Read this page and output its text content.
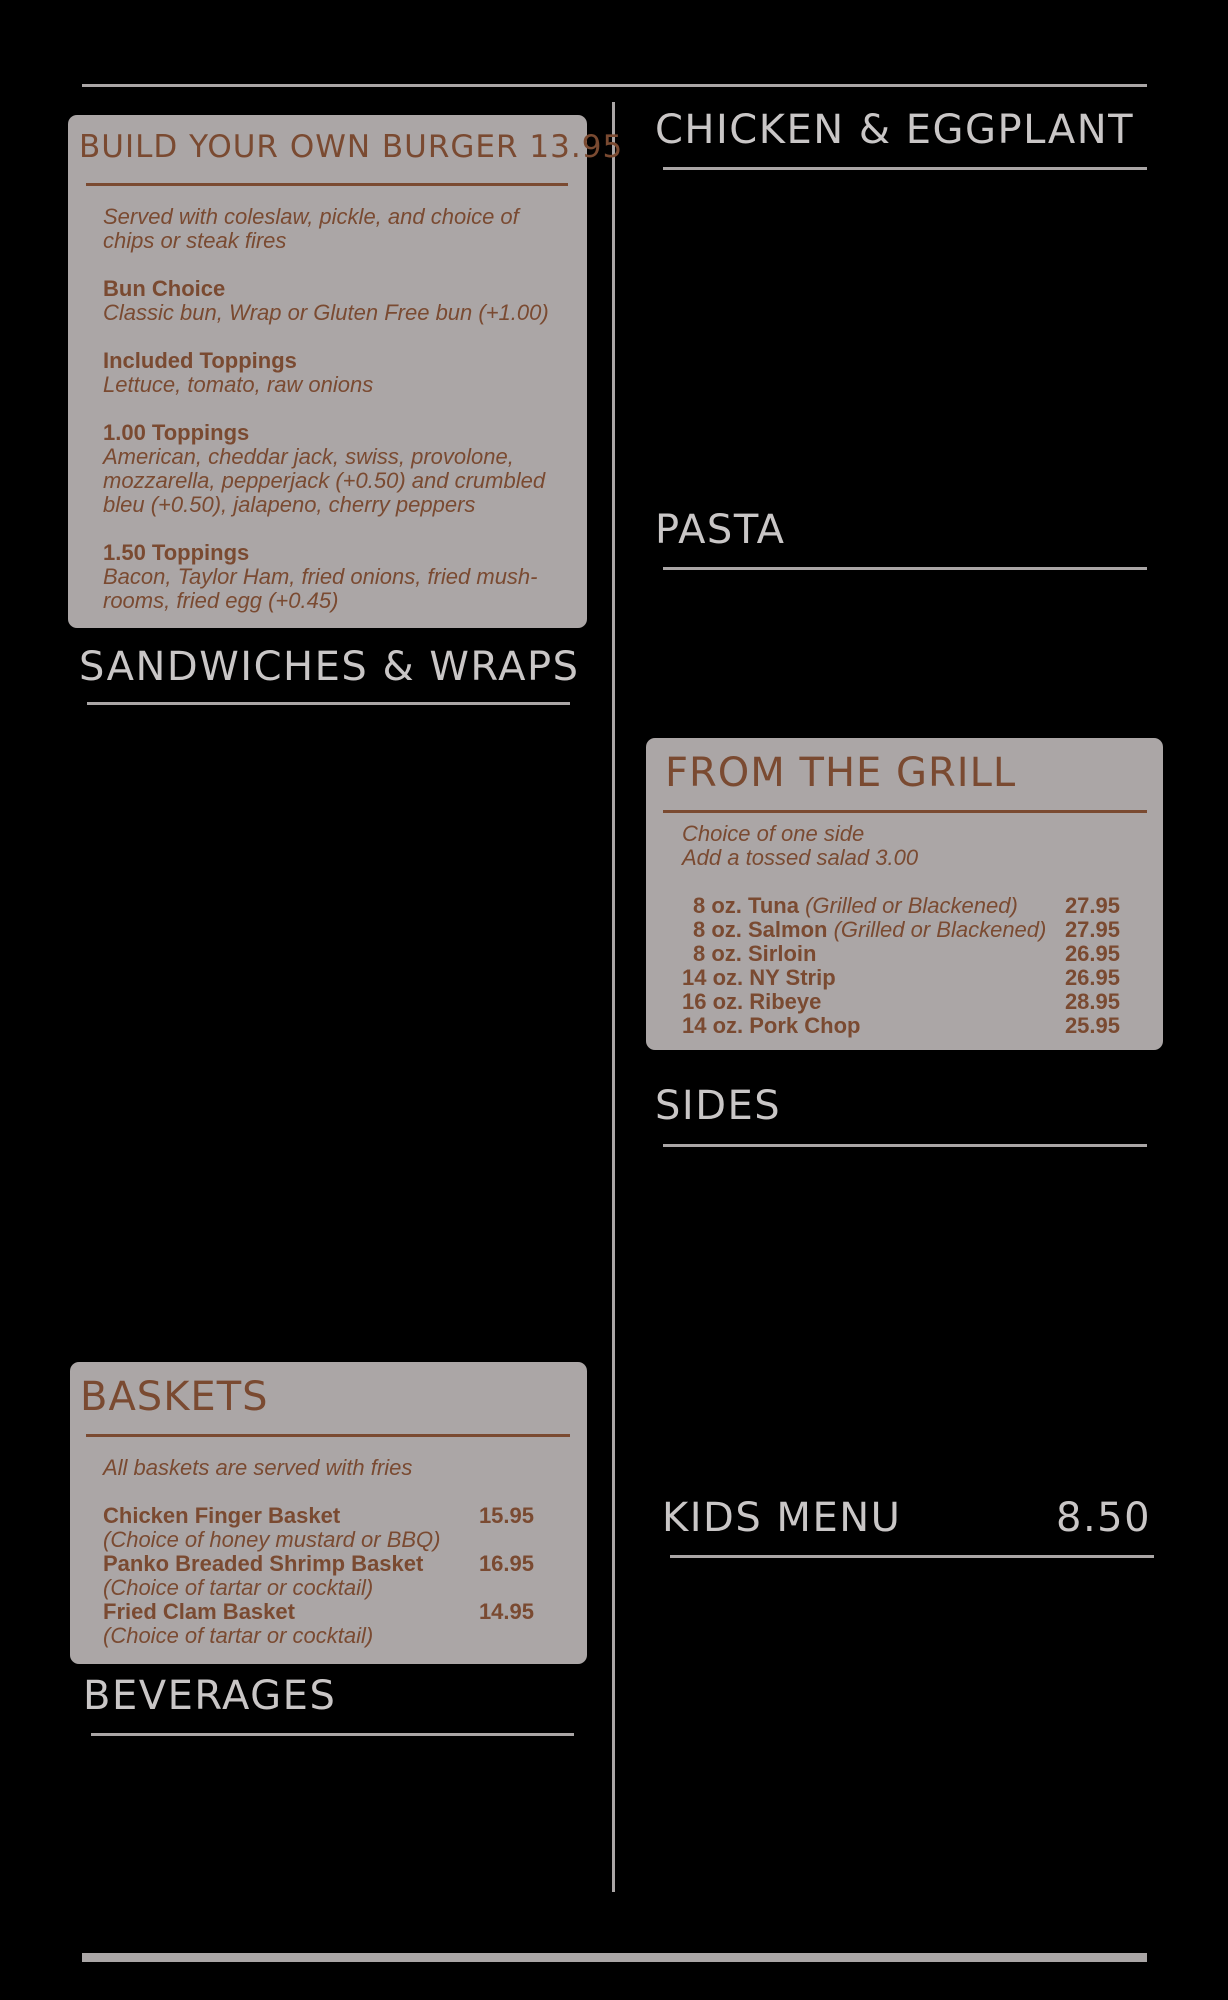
BUILD YOUR OWN BURGER 13.95
Served with coleslaw, pickle, and choice of
chips or steak fires
Bun Choice
Classic bun, Wrap or Gluten Free bun (+1.00)
Included Toppings
Lettuce, tomato, raw onions
1.00 Toppings
American, cheddar jack, swiss, provolone,
mozzarella, pepperjack (+0.50) and crumbled
bleu (+0.50), jalapeno, cherry peppers
1.50 Toppings
Bacon, Taylor Ham, fried onions, fried mush-
rooms, fried egg (+0.45)
SANDWICHES & WRAPS
BASKETS
All baskets are served with fries
Chicken Finger Basket	15.95
(Choice of honey mustard or BBQ)
Panko Breaded Shrimp Basket	16.95
(Choice of tartar or cocktail)
Fried Clam Basket	14.95
(Choice of tartar or cocktail)
BEVERAGES
CHICKEN & EGGPLANT
PASTA
FROM THE GRILL
Choice of one side
Add a tossed salad 3.00
8 oz. Tuna (Grilled or Blackened)	27.95
8 oz. Salmon (Grilled or Blackened) 27.95
8 oz. Sirloin	26.95
14 oz. NY Strip	26.95
16 oz. Ribeye	28.95
14 oz. Pork Chop	25.95
SIDES
KIDS MENU	8.50
